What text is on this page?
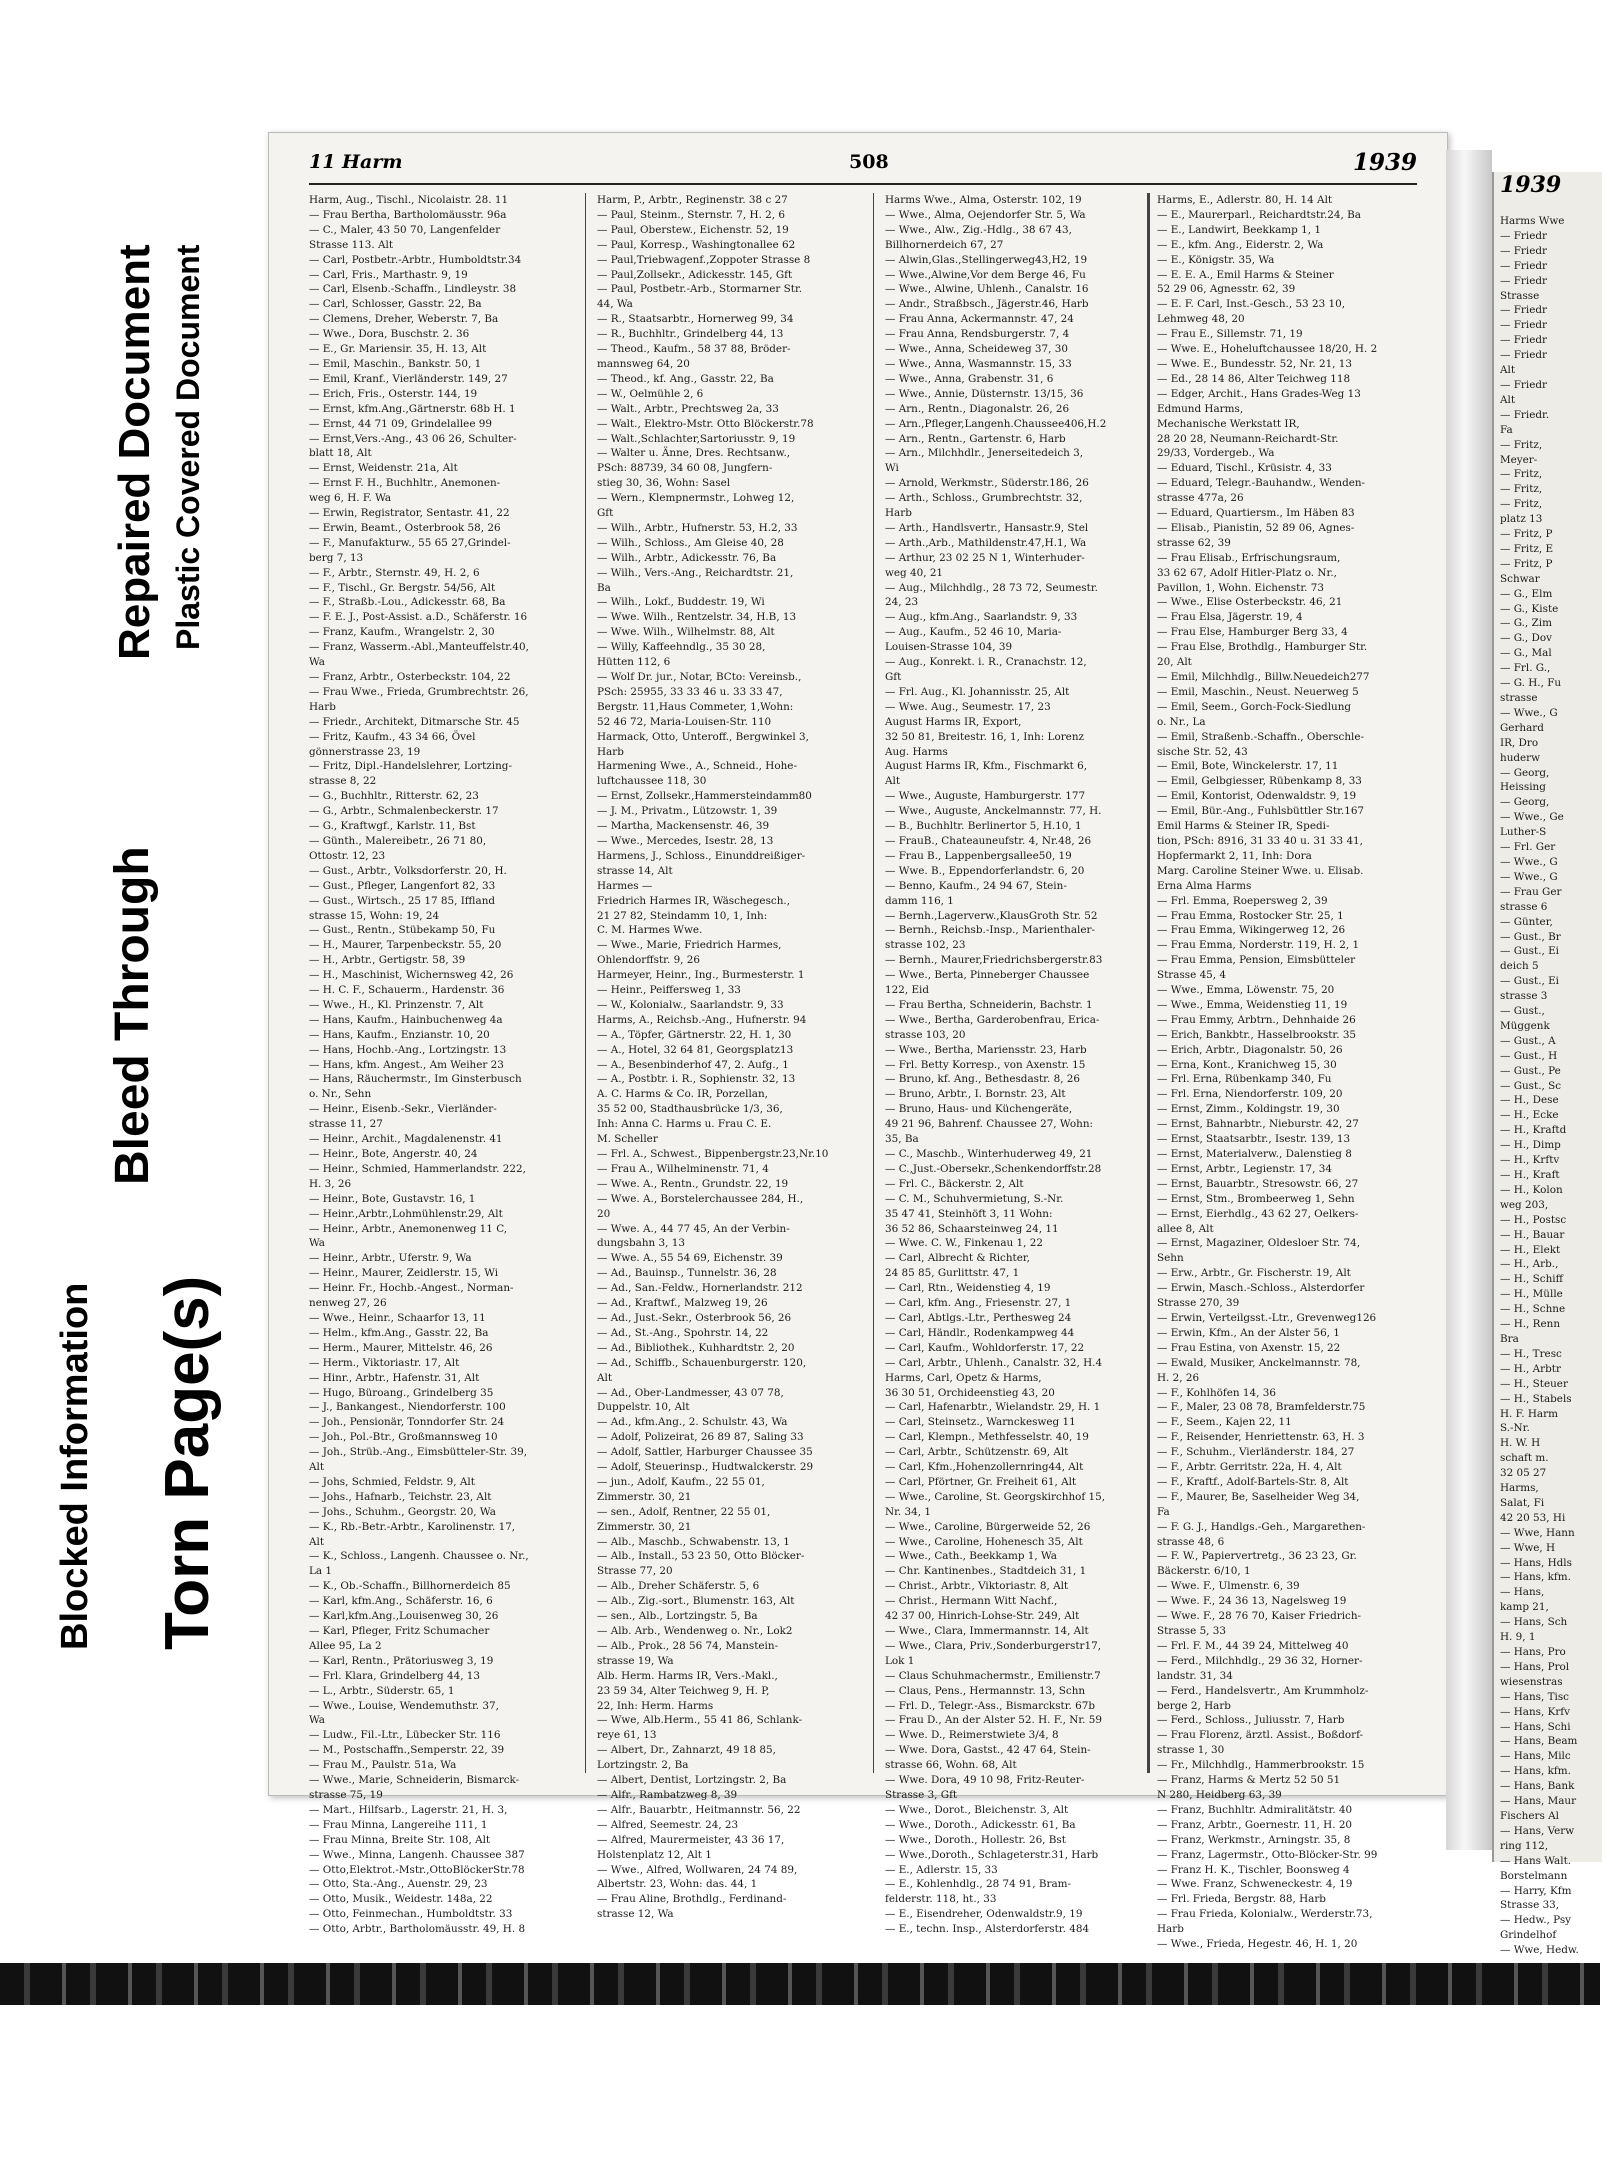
Blocked Information
Bleed Through
Torn Page(s)
Repaired Document Plastic Covered Document
11 Harm	508	1939
Harm, Aug., Tischl., Nicolaistr. 28. 11
— Frau Bertha, Bartholomäusstr. 96a
— C., Maler, 43 50 70, Langenfelder
Strasse 113. Alt
— Carl, Postbetr.-Arbtr., Humboldtstr.34
— Carl, Fris., Marthastr. 9, 19
— Carl, Elsenb.-Schaffn., Lindleystr. 38
— Carl, Schlosser, Gasstr. 22, Ba
— Clemens, Dreher, Weberstr. 7, Ba
— Wwe., Dora, Buschstr. 2. 36
— E., Gr. Mariensir. 35, H. 13, Alt
— Emil, Maschin., Bankstr. 50, 1
— Emil, Kranf., Vierländerstr. 149, 27
— Erich, Fris., Osterstr. 144, 19
— Ernst, kfm.Ang.,Gärtnerstr. 68b H. 1
— Ernst, 44 71 09, Grindelallee 99
— Ernst,Vers.-Ang., 43 06 26, Schulter-
blatt 18, Alt
— Ernst, Weidenstr. 21a, Alt
— Ernst F. H., Buchhltr., Anemonen-
weg 6, H. F. Wa
— Erwin, Registrator, Sentastr. 41, 22
— Erwin, Beamt., Osterbrook 58, 26
— F., Manufakturw., 55 65 27,Grindel-
berg 7, 13
— F., Arbtr., Sternstr. 49, H. 2, 6
— F., Tischl., Gr. Bergstr. 54/56, Alt
— F., Straßb.-Lou., Adickesstr. 68, Ba
— F. E. J., Post-Assist. a.D., Schäferstr. 16
— Franz, Kaufm., Wrangelstr. 2, 30
— Franz, Wasserm.-Abl.,Manteuffelstr.40,
Wa
— Franz, Arbtr., Osterbeckstr. 104, 22
— Frau Wwe., Frieda, Grumbrechtstr. 26,
Harb
— Friedr., Architekt, Ditmarsche Str. 45
— Fritz, Kaufm., 43 34 66, Övel
gönnerstrasse 23, 19
— Fritz, Dipl.-Handelslehrer, Lortzing-
strasse 8, 22
— G., Buchhltr., Ritterstr. 62, 23
— G., Arbtr., Schmalenbeckerstr. 17
— G., Kraftwgf., Karlstr. 11, Bst
— Günth., Malereibetr., 26 71 80,
Ottostr. 12, 23
— Gust., Arbtr., Volksdorferstr. 20, H.
— Gust., Pfleger, Langenfort 82, 33
— Gust., Wirtsch., 25 17 85, Iffland
strasse 15, Wohn: 19, 24
— Gust., Rentn., Stübekamp 50, Fu
— H., Maurer, Tarpenbeckstr. 55, 20
— H., Arbtr., Gertigstr. 58, 39
— H., Maschinist, Wichernsweg 42, 26
— H. C. F., Schauerm., Hardenstr. 36
— Wwe., H., Kl. Prinzenstr. 7, Alt
— Hans, Kaufm., Hainbuchenweg 4a
— Hans, Kaufm., Enzianstr. 10, 20
— Hans, Hochb.-Ang., Lortzingstr. 13
— Hans, kfm. Angest., Am Weiher 23
— Hans, Räuchermstr., Im Ginsterbusch
o. Nr., Sehn
— Heinr., Eisenb.-Sekr., Vierländer-
strasse 11, 27
— Heinr., Archit., Magdalenenstr. 41
— Heinr., Bote, Angerstr. 40, 24
— Heinr., Schmied, Hammerlandstr. 222,
H. 3, 26
— Heinr., Bote, Gustavstr. 16, 1
— Heinr.,Arbtr.,Lohmühlenstr.29, Alt
— Heinr., Arbtr., Anemonenweg 11 C,
Wa
— Heinr., Arbtr., Uferstr. 9, Wa
— Heinr., Maurer, Zeidlerstr. 15, Wi
— Heinr. Fr., Hochb.-Angest., Norman-
nenweg 27, 26
— Wwe., Heinr., Schaarfor 13, 11
— Helm., kfm.Ang., Gasstr. 22, Ba
— Herm., Maurer, Mittelstr. 46, 26
— Herm., Viktoriastr. 17, Alt
— Hinr., Arbtr., Hafenstr. 31, Alt
— Hugo, Büroang., Grindelberg 35
— J., Bankangest., Niendorferstr. 100
— Joh., Pensionär, Tonndorfer Str. 24
— Joh., Pol.-Btr., Großmannsweg 10
— Joh., Strüb.-Ang., Eimsbütteler-Str. 39,
Alt
— Johs, Schmied, Feldstr. 9, Alt
— Johs., Hafnarb., Teichstr. 23, Alt
— Johs., Schuhm., Georgstr. 20, Wa
— K., Rb.-Betr.-Arbtr., Karolinenstr. 17,
Alt
— K., Schloss., Langenh. Chaussee o. Nr.,
La 1
— K., Ob.-Schaffn., Billhornerdeich 85
— Karl, kfm.Ang., Schäferstr. 16, 6
— Karl,kfm.Ang.,Louisenweg 30, 26
— Karl, Pfleger, Fritz Schumacher
Allee 95, La 2
— Karl, Rentn., Prätoriusweg 3, 19
— Frl. Klara, Grindelberg 44, 13
— L., Arbtr., Süderstr. 65, 1
— Wwe., Louise, Wendemuthstr. 37,
Wa
— Ludw., Fil.-Ltr., Lübecker Str. 116
— M., Postschaffn.,Semperstr. 22, 39
— Frau M., Paulstr. 51a, Wa
— Wwe., Marie, Schneiderin, Bismarck-
strasse 75, 19
— Mart., Hilfsarb., Lagerstr. 21, H. 3,
— Frau Minna, Langereihe 111, 1
— Frau Minna, Breite Str. 108, Alt
— Wwe., Minna, Langenh. Chaussee 387
— Otto,Elektrot.-Mstr.,OttoBlöckerStr.78
— Otto, Sta.-Ang., Auenstr. 29, 23
— Otto, Musik., Weidestr. 148a, 22
— Otto, Feinmechan., Humboldtstr. 33
— Otto, Arbtr., Bartholomäusstr. 49, H. 8
Harm, P., Arbtr., Reginenstr. 38 c 27
— Paul, Steinm., Sternstr. 7, H. 2, 6
— Paul, Oberstew., Eichenstr. 52, 19
— Paul, Korresp., Washingtonallee 62
— Paul,Triebwagenf.,Zoppoter Strasse 8
— Paul,Zollsekr., Adickesstr. 145, Gft
— Paul, Postbetr.-Arb., Stormarner Str.
44, Wa
— R., Staatsarbtr., Hornerweg 99, 34
— R., Buchhltr., Grindelberg 44, 13
— Theod., Kaufm., 58 37 88, Bröder-
mannsweg 64, 20
— Theod., kf. Ang., Gasstr. 22, Ba
— W., Oelmühle 2, 6
— Walt., Arbtr., Prechtsweg 2a, 33
— Walt., Elektro-Mstr. Otto Blöckerstr.78
— Walt.,Schlachter,Sartoriusstr. 9, 19
— Walter u. Änne, Dres. Rechtsanw.,
PSch: 88739, 34 60 08, Jungfern-
stieg 30, 36, Wohn: Sasel
— Wern., Klempnermstr., Lohweg 12,
Gft
— Wilh., Arbtr., Hufnerstr. 53, H.2, 33
— Wilh., Schloss., Am Gleise 40, 28
— Wilh., Arbtr., Adickesstr. 76, Ba
— Wilh., Vers.-Ang., Reichardtstr. 21,
Ba
— Wilh., Lokf., Buddestr. 19, Wi
— Wwe. Wilh., Rentzelstr. 34, H.B, 13
— Wwe. Wilh., Wilhelmstr. 88, Alt
— Willy, Kaffeehndlg., 35 30 28,
Hütten 112, 6
— Wolf Dr. jur., Notar, BCto: Vereinsb.,
PSch: 25955, 33 33 46 u. 33 33 47,
Bergstr. 11,Haus Commeter, 1,Wohn:
52 46 72, Maria-Louisen-Str. 110
Harmack, Otto, Unteroff., Bergwinkel 3,
Harb
Harmening Wwe., A., Schneid., Hohe-
luftchaussee 118, 30
— Ernst, Zollsekr.,Hammersteindamm80
— J. M., Privatm., Lützowstr. 1, 39
— Martha, Mackensenstr. 46, 39
— Wwe., Mercedes, Isestr. 28, 13
Harmens, J., Schloss., Einunddreißiger-
strasse 14, Alt
Harmes —
Friedrich Harmes IR, Wäschegesch.,
21 27 82, Steindamm 10, 1, Inh:
C. M. Harmes Wwe.
— Wwe., Marie, Friedrich Harmes,
Ohlendorffstr. 9, 26
Harmeyer, Heinr., Ing., Burmesterstr. 1
— Heinr., Peiffersweg 1, 33
— W., Kolonialw., Saarlandstr. 9, 33
Harms, A., Reichsb.-Ang., Hufnerstr. 94
— A., Töpfer, Gärtnerstr. 22, H. 1, 30
— A., Hotel, 32 64 81, Georgsplatz13
— A., Besenbinderhof 47, 2. Aufg., 1
— A., Postbtr. i. R., Sophienstr. 32, 13
A. C. Harms & Co. IR, Porzellan,
35 52 00, Stadthausbrücke 1/3, 36,
Inh: Anna C. Harms u. Frau C. E.
M. Scheller
— Frl. A., Schwest., Bippenbergstr.23,Nr.10
— Frau A., Wilhelminenstr. 71, 4
— Wwe. A., Rentn., Grundstr. 22, 19
— Wwe. A., Borstelerchaussee 284, H.,
20
— Wwe. A., 44 77 45, An der Verbin-
dungsbahn 3, 13
— Wwe. A., 55 54 69, Eichenstr. 39
— Ad., Bauinsp., Tunnelstr. 36, 28
— Ad., San.-Feldw., Hornerlandstr. 212
— Ad., Kraftwf., Malzweg 19, 26
— Ad., Just.-Sekr., Osterbrook 56, 26
— Ad., St.-Ang., Spohrstr. 14, 22
— Ad., Bibliothek., Kuhhardtstr. 2, 20
— Ad., Schiffb., Schauenburgerstr. 120,
Alt
— Ad., Ober-Landmesser, 43 07 78,
Duppelstr. 10, Alt
— Ad., kfm.Ang., 2. Schulstr. 43, Wa
— Adolf, Polizeirat, 26 89 87, Saling 33
— Adolf, Sattler, Harburger Chaussee 35
— Adolf, Steuerinsp., Hudtwalckerstr. 29
— jun., Adolf, Kaufm., 22 55 01,
Zimmerstr. 30, 21
— sen., Adolf, Rentner, 22 55 01,
Zimmerstr. 30, 21
— Alb., Maschb., Schwabenstr. 13, 1
— Alb., Install., 53 23 50, Otto Blöcker-
Strasse 77, 20
— Alb., Dreher Schäferstr. 5, 6
— Alb., Zig.-sort., Blumenstr. 163, Alt
— sen., Alb., Lortzingstr. 5, Ba
— Alb. Arb., Wendenweg o. Nr., Lok2
— Alb., Prok., 28 56 74, Manstein-
strasse 19, Wa
Alb. Herm. Harms IR, Vers.-Makl.,
23 59 34, Alter Teichweg 9, H. P,
22, Inh: Herm. Harms
— Wwe, Alb.Herm., 55 41 86, Schlank-
reye 61, 13
— Albert, Dr., Zahnarzt, 49 18 85,
Lortzingstr. 2, Ba
— Albert, Dentist, Lortzingstr. 2, Ba
— Alfr., Rambatzweg 8, 39
— Alfr., Bauarbtr., Heitmannstr. 56, 22
— Alfred, Seemestr. 24, 23
— Alfred, Maurermeister, 43 36 17,
Holstenplatz 12, Alt 1
— Wwe., Alfred, Wollwaren, 24 74 89,
Albertstr. 23, Wohn: das. 44, 1
— Frau Aline, Brothdlg., Ferdinand-
strasse 12, Wa
Harms Wwe., Alma, Osterstr. 102, 19
— Wwe., Alma, Oejendorfer Str. 5, Wa
— Wwe., Alw., Zig.-Hdlg., 38 67 43,
Billhornerdeich 67, 27
— Alwin,Glas.,Stellingerweg43,H2, 19
— Wwe.,Alwine,Vor dem Berge 46, Fu
— Wwe., Alwine, Uhlenh., Canalstr. 16
— Andr., Straßbsch., Jägerstr.46, Harb
— Frau Anna, Ackermannstr. 47, 24
— Frau Anna, Rendsburgerstr. 7, 4
— Wwe., Anna, Scheideweg 37, 30
— Wwe., Anna, Wasmannstr. 15, 33
— Wwe., Anna, Grabenstr. 31, 6
— Wwe., Annie, Düsternstr. 13/15, 36
— Arn., Rentn., Diagonalstr. 26, 26
— Arn.,Pfleger,Langenh.Chaussee406,H.2
— Arn., Rentn., Gartenstr. 6, Harb
— Arn., Milchhdlr., Jenerseitedeich 3,
Wi
— Arnold, Werkmstr., Süderstr.186, 26
— Arth., Schloss., Grumbrechtstr. 32,
Harb
— Arth., Handlsvertr., Hansastr.9, Stel
— Arth.,Arb., Mathildenstr.47,H.1, Wa
— Arthur, 23 02 25 N 1, Winterhuder-
weg 40, 21
— Aug., Milchhdlg., 28 73 72, Seumestr.
24, 23
— Aug., kfm.Ang., Saarlandstr. 9, 33
— Aug., Kaufm., 52 46 10, Maria-
Louisen-Strasse 104, 39
— Aug., Konrekt. i. R., Cranachstr. 12,
Gft
— Frl. Aug., Kl. Johannisstr. 25, Alt
— Wwe. Aug., Seumestr. 17, 23
August Harms IR, Export,
32 50 81, Breitestr. 16, 1, Inh: Lorenz
Aug. Harms
August Harms IR, Kfm., Fischmarkt 6,
Alt
— Wwe., Auguste, Hamburgerstr. 177
— Wwe., Auguste, Anckelmannstr. 77, H.
— B., Buchhltr. Berlinertor 5, H.10, 1
— FrauB., Chateauneufstr. 4, Nr.48, 26
— Frau B., Lappenbergsallee50, 19
— Wwe. B., Eppendorferlandstr. 6, 20
— Benno, Kaufm., 24 94 67, Stein-
damm 116, 1
— Bernh.,Lagerverw.,KlausGroth Str. 52
— Bernh., Reichsb.-Insp., Marienthaler-
strasse 102, 23
— Bernh., Maurer,Friedrichsbergerstr.83
— Wwe., Berta, Pinneberger Chaussee
122, Eid
— Frau Bertha, Schneiderin, Bachstr. 1
— Wwe., Bertha, Garderobenfrau, Erica-
strasse 103, 20
— Wwe., Bertha, Mariensstr. 23, Harb
— Frl. Betty Korresp., von Axenstr. 15
— Bruno, kf. Ang., Bethesdastr. 8, 26
— Bruno, Arbtr., I. Bornstr. 23, Alt
— Bruno, Haus- und Küchengeräte,
49 21 96, Bahrenf. Chaussee 27, Wohn:
35, Ba
— C., Maschb., Winterhuderweg 49, 21
— C.,Just.-Obersekr.,Schenkendorffstr.28
— Frl. C., Bäckerstr. 2, Alt
— C. M., Schuhvermietung, S.-Nr.
35 47 41, Steinhöft 3, 11 Wohn:
36 52 86, Schaarsteinweg 24, 11
— Wwe. C. W., Finkenau 1, 22
— Carl, Albrecht & Richter,
24 85 85, Gurlittstr. 47, 1
— Carl, Rtn., Weidenstieg 4, 19
— Carl, kfm. Ang., Friesenstr. 27, 1
— Carl, Abtlgs.-Ltr., Perthesweg 24
— Carl, Händlr., Rodenkampweg 44
— Carl, Kaufm., Wohldorferstr. 17, 22
— Carl, Arbtr., Uhlenh., Canalstr. 32, H.4
Harms, Carl, Opetz & Harms,
36 30 51, Orchideenstieg 43, 20
— Carl, Hafenarbtr., Wielandstr. 29, H. 1
— Carl, Steinsetz., Warnckesweg 11
— Carl, Klempn., Methfesselstr. 40, 19
— Carl, Arbtr., Schützenstr. 69, Alt
— Carl, Kfm.,Hohenzollernring44, Alt
— Carl, Pförtner, Gr. Freiheit 61, Alt
— Wwe., Caroline, St. Georgskirchhof 15,
Nr. 34, 1
— Wwe., Caroline, Bürgerweide 52, 26
— Wwe., Caroline, Hohenesch 35, Alt
— Wwe., Cath., Beekkamp 1, Wa
— Chr. Kantinenbes., Stadtdeich 31, 1
— Christ., Arbtr., Viktoriastr. 8, Alt
— Christ., Hermann Witt Nachf.,
42 37 00, Hinrich-Lohse-Str. 249, Alt
— Wwe., Clara, Immermannstr. 14, Alt
— Wwe., Clara, Priv.,Sonderburgerstr17,
Lok 1
— Claus Schuhmachermstr., Emilienstr.7
— Claus, Pens., Hermannstr. 13, Schn
— Frl. D., Telegr.-Ass., Bismarckstr. 67b
— Frau D., An der Alster 52. H. F., Nr. 59
— Wwe. D., Reimerstwiete 3/4, 8
— Wwe. Dora, Gastst., 42 47 64, Stein-
strasse 66, Wohn. 68, Alt
— Wwe. Dora, 49 10 98, Fritz-Reuter-
Strasse 3, Gft
— Wwe., Dorot., Bleichenstr. 3, Alt
— Wwe., Doroth., Adickesstr. 61, Ba
— Wwe., Doroth., Hollestr. 26, Bst
— Wwe.,Doroth., Schlageterstr.31, Harb
— E., Adlerstr. 15, 33
— E., Kohlenhdlg., 28 74 91, Bram-
felderstr. 118, ht., 33
— E., Eisendreher, Odenwaldstr.9, 19
— E., techn. Insp., Alsterdorferstr. 484
Harms, E., Adlerstr. 80, H. 14 Alt
— E., Maurerparl., Reichardtstr.24, Ba
— E., Landwirt, Beekkamp 1, 1
— E., kfm. Ang., Eiderstr. 2, Wa
— E., Königstr. 35, Wa
— E. E. A., Emil Harms & Steiner
52 29 06, Agnesstr. 62, 39
— E. F. Carl, Inst.-Gesch., 53 23 10,
Lehmweg 48, 20
— Frau E., Sillemstr. 71, 19
— Wwe. E., Hoheluftchaussee 18/20, H. 2
— Wwe. E., Bundesstr. 52, Nr. 21, 13
— Ed., 28 14 86, Alter Teichweg 118
— Edger, Archit., Hans Grades-Weg 13
Edmund Harms,
Mechanische Werkstatt IR,
28 20 28, Neumann-Reichardt-Str.
29/33, Vordergeb., Wa
— Eduard, Tischl., Krüsistr. 4, 33
— Eduard, Telegr.-Bauhandw., Wenden-
strasse 477a, 26
— Eduard, Quartiersm., Im Häben 83
— Elisab., Pianistin, 52 89 06, Agnes-
strasse 62, 39
— Frau Elisab., Erfrischungsraum,
33 62 67, Adolf Hitler-Platz o. Nr.,
Pavillon, 1, Wohn. Eichenstr. 73
— Wwe., Elise Osterbeckstr. 46, 21
— Frau Elsa, Jägerstr. 19, 4
— Frau Else, Hamburger Berg 33, 4
— Frau Else, Brothdlg., Hamburger Str.
20, Alt
— Emil, Milchhdlg., Billw.Neuedeich277
— Emil, Maschin., Neust. Neuerweg 5
— Emil, Seem., Gorch-Fock-Siedlung
o. Nr., La
— Emil, Straßenb.-Schaffn., Oberschle-
sische Str. 52, 43
— Emil, Bote, Winckelerstr. 17, 11
— Emil, Gelbgiesser, Rübenkamp 8, 33
— Emil, Kontorist, Odenwaldstr. 9, 19
— Emil, Bür.-Ang., Fuhlsbüttler Str.167
Emil Harms & Steiner IR, Spedi-
tion, PSch: 8916, 31 33 40 u. 31 33 41,
Hopfermarkt 2, 11, Inh: Dora
Marg. Caroline Steiner Wwe. u. Elisab.
Erna Alma Harms
— Frl. Emma, Roepersweg 2, 39
— Frau Emma, Rostocker Str. 25, 1
— Frau Emma, Wikingerweg 12, 26
— Frau Emma, Norderstr. 119, H. 2, 1
— Frau Emma, Pension, Eimsbütteler
Strasse 45, 4
— Wwe., Emma, Löwenstr. 75, 20
— Wwe., Emma, Weidenstieg 11, 19
— Frau Emmy, Arbtrn., Dehnhaide 26
— Erich, Bankbtr., Hasselbrookstr. 35
— Erich, Arbtr., Diagonalstr. 50, 26
— Erna, Kont., Kranichweg 15, 30
— Frl. Erna, Rübenkamp 340, Fu
— Frl. Erna, Niendorferstr. 109, 20
— Ernst, Zimm., Koldingstr. 19, 30
— Ernst, Bahnarbtr., Nieburstr. 42, 27
— Ernst, Staatsarbtr., Isestr. 139, 13
— Ernst, Materialverw., Dalenstieg 8
— Ernst, Arbtr., Legienstr. 17, 34
— Ernst, Bauarbtr., Stresowstr. 66, 27
— Ernst, Stm., Brombeerweg 1, Sehn
— Ernst, Eierhdlg., 43 62 27, Oelkers-
allee 8, Alt
— Ernst, Magaziner, Oldesloer Str. 74,
Sehn
— Erw., Arbtr., Gr. Fischerstr. 19, Alt
— Erwin, Masch.-Schloss., Alsterdorfer
Strasse 270, 39
— Erwin, Verteilgsst.-Ltr., Grevenweg126
— Erwin, Kfm., An der Alster 56, 1
— Frau Estina, von Axenstr. 15, 22
— Ewald, Musiker, Anckelmannstr. 78,
H. 2, 26
— F., Kohlhöfen 14, 36
— F., Maler, 23 08 78, Bramfelderstr.75
— F., Seem., Kajen 22, 11
— F., Reisender, Henriettenstr. 63, H. 3
— F., Schuhm., Vierländerstr. 184, 27
— F., Arbtr. Gerritstr. 22a, H. 4, Alt
— F., Kraftf., Adolf-Bartels-Str. 8, Alt
— F., Maurer, Be, Saselheider Weg 34,
Fa
— F. G. J., Handlgs.-Geh., Margarethen-
strasse 48, 6
— F. W., Papiervertretg., 36 23 23, Gr.
Bäckerstr. 6/10, 1
— Wwe. F., Ulmenstr. 6, 39
— Wwe. F., 24 36 13, Nagelsweg 19
— Wwe. F., 28 76 70, Kaiser Friedrich-
Strasse 5, 33
— Frl. F. M., 44 39 24, Mittelweg 40
— Ferd., Milchhdlg., 29 36 32, Horner-
landstr. 31, 34
— Ferd., Handelsvertr., Am Krummholz-
berge 2, Harb
— Ferd., Schloss., Juliusstr. 7, Harb
— Frau Florenz, ärztl. Assist., Boßdorf-
strasse 1, 30
— Fr., Milchhdlg., Hammerbrookstr. 15
— Franz, Harms & Mertz 52 50 51
N 280, Heidberg 63, 39
— Franz, Buchhltr. Admiralitätstr. 40
— Franz, Arbtr., Goernestr. 11, H. 20
— Franz, Werkmstr., Arningstr. 35, 8
— Franz, Lagermstr., Otto-Blöcker-Str. 99
— Franz H. K., Tischler, Boonsweg 4
— Wwe. Franz, Schweneckestr. 4, 19
— Frl. Frieda, Bergstr. 88, Harb
— Frau Frieda, Kolonialw., Werderstr.73,
Harb
— Wwe., Frieda, Hegestr. 46, H. 1, 20
1939
Harms Wwe
— Friedr
— Friedr
— Friedr
— Friedr
Strasse
— Friedr
— Friedr
— Friedr
— Friedr
Alt
— Friedr
Alt
— Friedr.
Fa
— Fritz,
Meyer-
— Fritz,
— Fritz,
— Fritz,
platz 13
— Fritz, P
— Fritz, E
— Fritz, P
Schwar
— G., Elm
— G., Kiste
— G., Zim
— G., Dov
— G., Mal
— Frl. G.,
— G. H., Fu
strasse
— Wwe., G
Gerhard
IR, Dro
huderw
— Georg,
Heissing
— Georg,
— Wwe., Ge
Luther-S
— Frl. Ger
— Wwe., G
— Wwe., G
— Frau Ger
strasse 6
— Günter,
— Gust., Br
— Gust., Ei
deich 5
— Gust., Ei
strasse 3
— Gust.,
Müggenk
— Gust., A
— Gust., H
— Gust., Pe
— Gust., Sc
— H., Dese
— H., Ecke
— H., Kraftd
— H., Dimp
— H., Krftv
— H., Kraft
— H., Kolon
weg 203,
— H., Postsc
— H., Bauar
— H., Elekt
— H., Arb.,
— H., Schiff
— H., Mülle
— H., Schne
— H., Renn
Bra
— H., Tresc
— H., Arbtr
— H., Steuer
— H., Stabels
H. F. Harm
S.-Nr.
H. W. H
schaft m.
32 05 27
Harms,
Salat, Fi
42 20 53, Hi
— Wwe, Hann
— Wwe, H
— Hans, Hdls
— Hans, kfm.
— Hans,
kamp 21,
— Hans, Sch
H. 9, 1
— Hans, Pro
— Hans, Prol
wiesenstras
— Hans, Tisc
— Hans, Krfv
— Hans, Schi
— Hans, Beam
— Hans, Milc
— Hans, kfm.
— Hans, Bank
— Hans, Maur
Fischers Al
— Hans, Verw
ring 112,
— Hans Walt.
Borstelmann
— Harry, Kfm
Strasse 33,
— Hedw., Psy
Grindelhof
— Wwe, Hedw.
